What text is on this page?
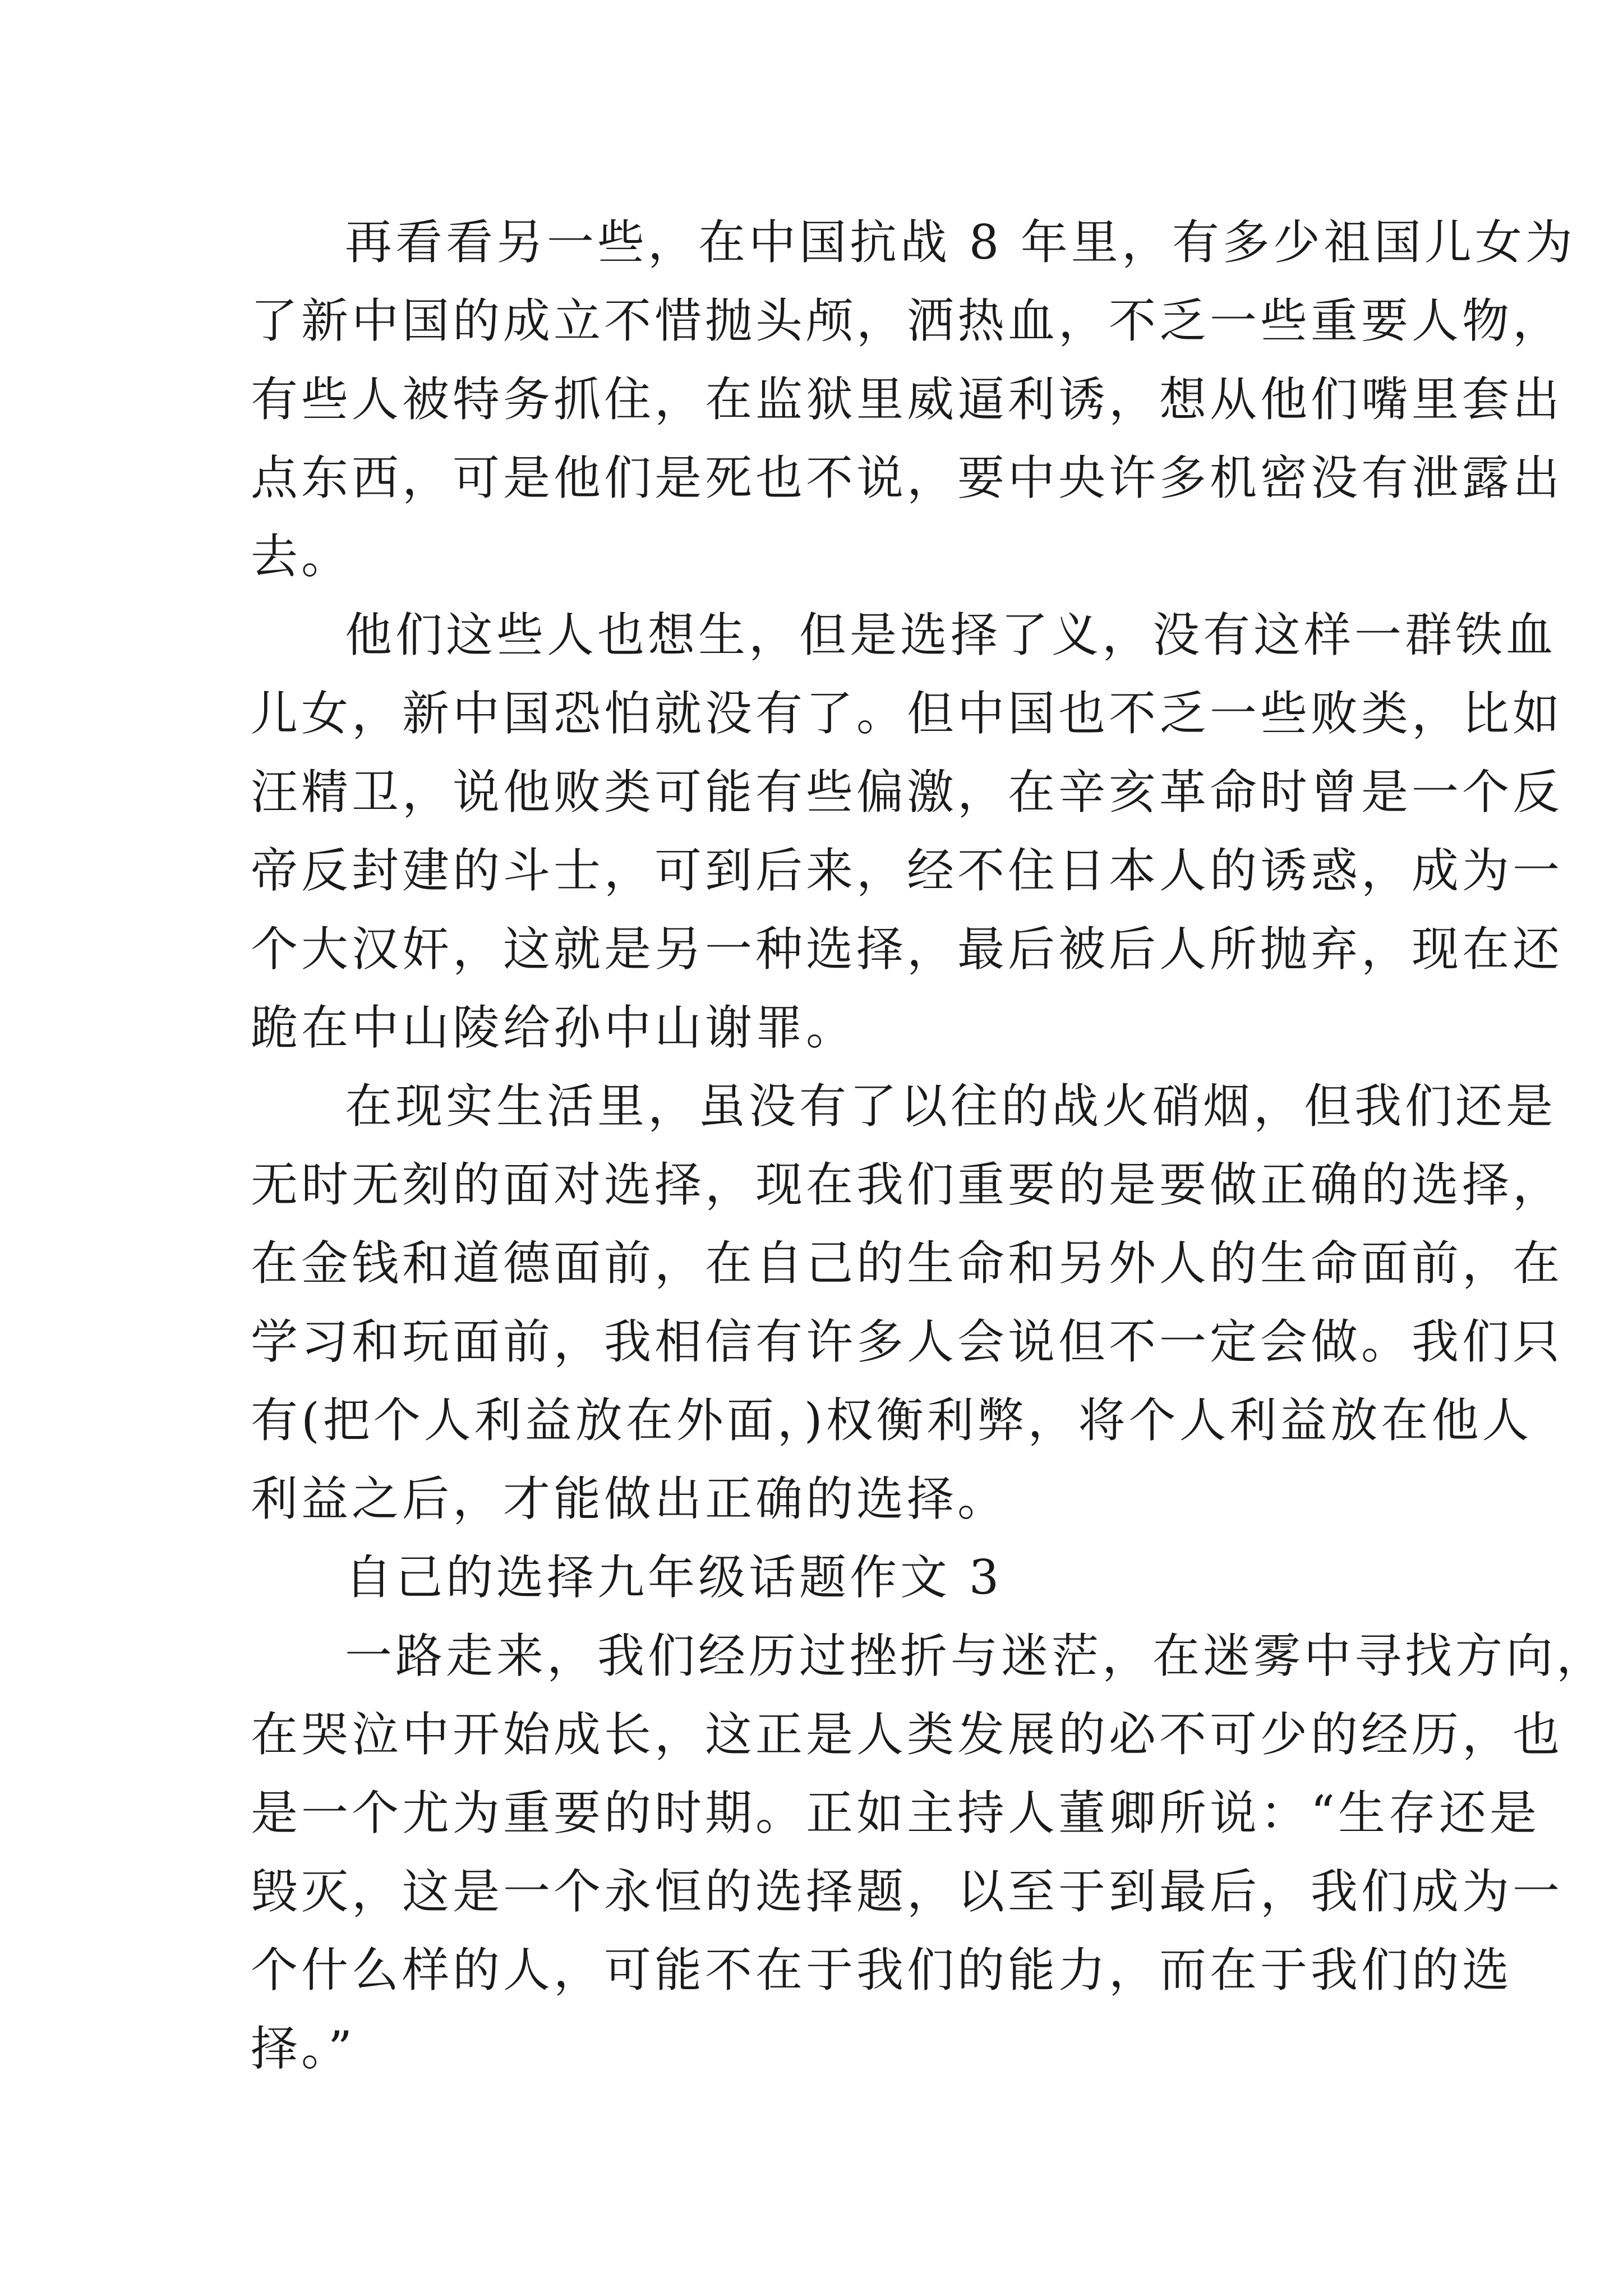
再看看另一些，在中国抗战 8 年里，有多少祖国儿女为
了新中国的成立不惜抛头颅，洒热血，不乏一些重要人物，
有些人被特务抓住，在监狱里威逼利诱，想从他们嘴里套出
点东西，可是他们是死也不说，要中央许多机密没有泄露出
去。
他们这些人也想生，但是选择了义，没有这样一群铁血
儿女，新中国恐怕就没有了。但中国也不乏一些败类，比如
汪精卫，说他败类可能有些偏激，在辛亥革命时曾是一个反
帝反封建的斗士，可到后来，经不住日本人的诱惑，成为一
个大汉奸，这就是另一种选择，最后被后人所抛弃，现在还
跪在中山陵给孙中山谢罪。
在现实生活里，虽没有了以往的战火硝烟，但我们还是
无时无刻的面对选择，现在我们重要的是要做正确的选择，
在金钱和道德面前，在自己的生命和另外人的生命面前，在
学习和玩面前，我相信有许多人会说但不一定会做。我们只
有(把个人利益放在外面，)权衡利弊，将个人利益放在他人
利益之后，才能做出正确的选择。
自己的选择九年级话题作文 3
一路走来，我们经历过挫折与迷茫，在迷雾中寻找方向，
在哭泣中开始成长，这正是人类发展的必不可少的经历，也
是一个尤为重要的时期。正如主持人董卿所说：“生存还是
毁灭，这是一个永恒的选择题，以至于到最后，我们成为一
个什么样的人，可能不在于我们的能力，而在于我们的选
择。”
